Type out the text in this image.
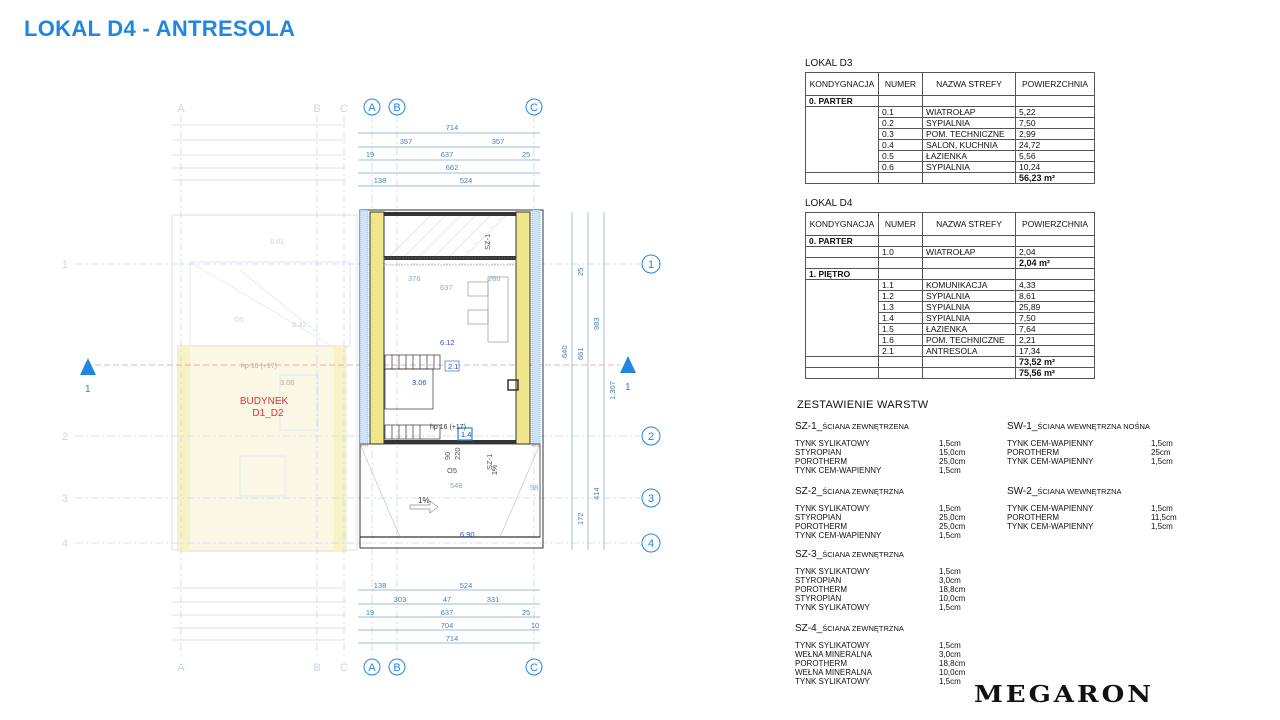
LOKAL D4 - ANTRESOLA
1	1
A	B C A B	C
A	B C A B	C
1
2
3
4
1
2
3
4
714
357	357
19	637	25
662
138	524
138	524
303	47	331
19	637	25
704	10
714
983
1.307
661
414
172
25
640
6.12
2.1
3.06
1.4
6.90
1%
1%
hp 16 (+17)
hp 16 (+17)
376	260
637
SZ-1
SZ-1
90 220
O5
O5
6.81
8.32
58
548
3.06
BUDYNEK
D1_D2
LOKAL D3
KONDYGNACJA	NUMER	NAZWA STREFY	POWIERZCHNIA
0. PARTER			
	0.1	WIATROŁAP	5,22
	0.2	SYPIALNIA	7,50
	0.3	POM. TECHNICZNE	2,99
	0.4	SALON, KUCHNIA	24,72
	0.5	ŁAZIENKA	5,56
	0.6	SYPIALNIA	10,24
			56,23 m²
LOKAL D4
KONDYGNACJA	NUMER	NAZWA STREFY	POWIERZCHNIA
0. PARTER			
	1.0	WIATROŁAP	2,04
			2,04 m²
1. PIĘTRO			
	1.1	KOMUNIKACJA	4,33
	1.2	SYPIALNIA	8,61
	1.3	SYPIALNIA	25,89
	1.4	SYPIALNIA	7,50
	1.5	ŁAZIENKA	7,64
	1.6	POM. TECHNICZNE	2,21
	2.1	ANTRESOLA	17,34
			73,52 m²
			75,56 m²
ZESTAWIENIE WARSTW
SZ-1_ŚCIANA ZEWNĘTRZENA
TYNK SYLIKATOWY	1,5cm
STYROPIAN	15,0cm
POROTHERM	25,0cm
TYNK CEM-WAPIENNY	1,5cm
SZ-2_ŚCIANA ZEWNĘTRZNA
TYNK SYLIKATOWY	1,5cm
STYROPIAN	25,0cm
POROTHERM	25,0cm
TYNK CEM-WAPIENNY	1,5cm
SZ-3_ŚCIANA ZEWNĘTRZNA
TYNK SYLIKATOWY	1,5cm
STYROPIAN	3,0cm
POROTHERM	18,8cm
STYROPIAN	10,0cm
TYNK SYLIKATOWY	1,5cm
SZ-4_ŚCIANA ZEWNĘTRZNA
TYNK SYLIKATOWY	1,5cm
WEŁNA MINERALNA	3,0cm
POROTHERM	18,8cm
WEŁNA MINERALNA	10,0cm
TYNK SYLIKATOWY	1,5cm
SW-1_ŚCIANA WEWNĘTRZNA NOŚNA
TYNK CEM-WAPIENNY	1,5cm
POROTHERM	25cm
TYNK CEM-WAPIENNY	1,5cm
SW-2_ŚCIANA WEWNĘTRZNA
TYNK CEM-WAPIENNY	1,5cm
POROTHERM	11,5cm
TYNK CEM-WAPIENNY	1,5cm
MEGARON
